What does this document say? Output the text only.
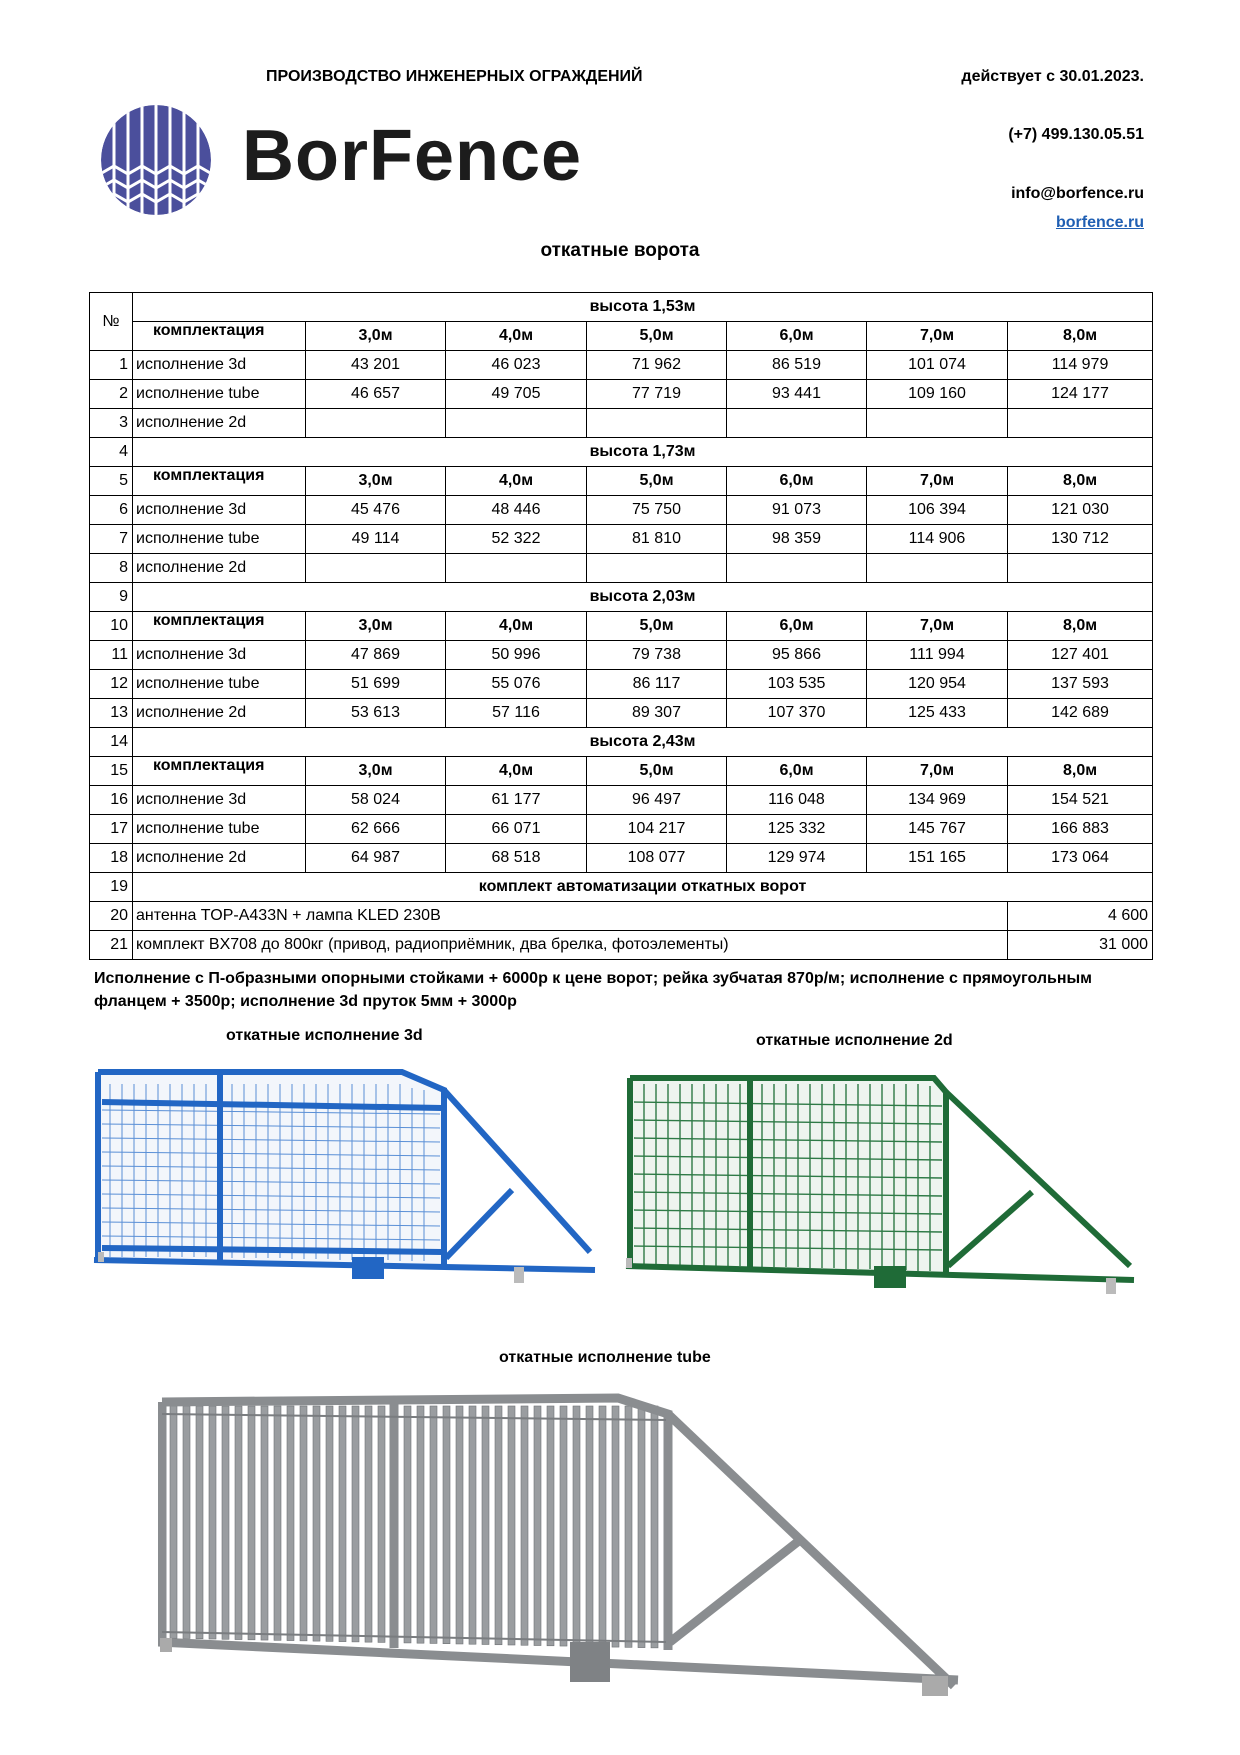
ПРОИЗВОДСТВО ИНЖЕНЕРНЫХ ОГРАЖДЕНИЙ	действует с 30.01.2023.
(+7) 499.130.05.51
info@borfence.ru
borfence.ru
BorFence
откатные ворота
№	высота 1,53м						
	комплектация	3,0м	4,0м	5,0м	6,0м	7,0м	8,0м
1	исполнение 3d	43 201	46 023	71 962	86 519	101 074	114 979
2	исполнение tube	46 657	49 705	77 719	93 441	109 160	124 177
3	исполнение 2d						
4	высота 1,73м						
5	комплектация	3,0м	4,0м	5,0м	6,0м	7,0м	8,0м
6	исполнение 3d	45 476	48 446	75 750	91 073	106 394	121 030
7	исполнение tube	49 114	52 322	81 810	98 359	114 906	130 712
8	исполнение 2d						
9	высота 2,03м						
10	комплектация	3,0м	4,0м	5,0м	6,0м	7,0м	8,0м
11	исполнение 3d	47 869	50 996	79 738	95 866	111 994	127 401
12	исполнение tube	51 699	55 076	86 117	103 535	120 954	137 593
13	исполнение 2d	53 613	57 116	89 307	107 370	125 433	142 689
14	высота 2,43м						
15	комплектация	3,0м	4,0м	5,0м	6,0м	7,0м	8,0м
16	исполнение 3d	58 024	61 177	96 497	116 048	134 969	154 521
17	исполнение tube	62 666	66 071	104 217	125 332	145 767	166 883
18	исполнение 2d	64 987	68 518	108 077	129 974	151 165	173 064
19	комплект автоматизации откатных ворот						
20	антенна TOP-A433N + лампа KLED 230B						4 600
21	комплект BX708 до 800кг (привод, радиоприёмник, два брелка, фотоэлементы)						31 000
Исполнение с П-образными опорными стойками + 6000р к цене ворот; рейка зубчатая 870р/м; исполнение с прямоугольным фланцем + 3500р; исполнение 3d пруток 5мм + 3000р
откатные исполнение 3d	откатные исполнение 2d
откатные исполнение tube
